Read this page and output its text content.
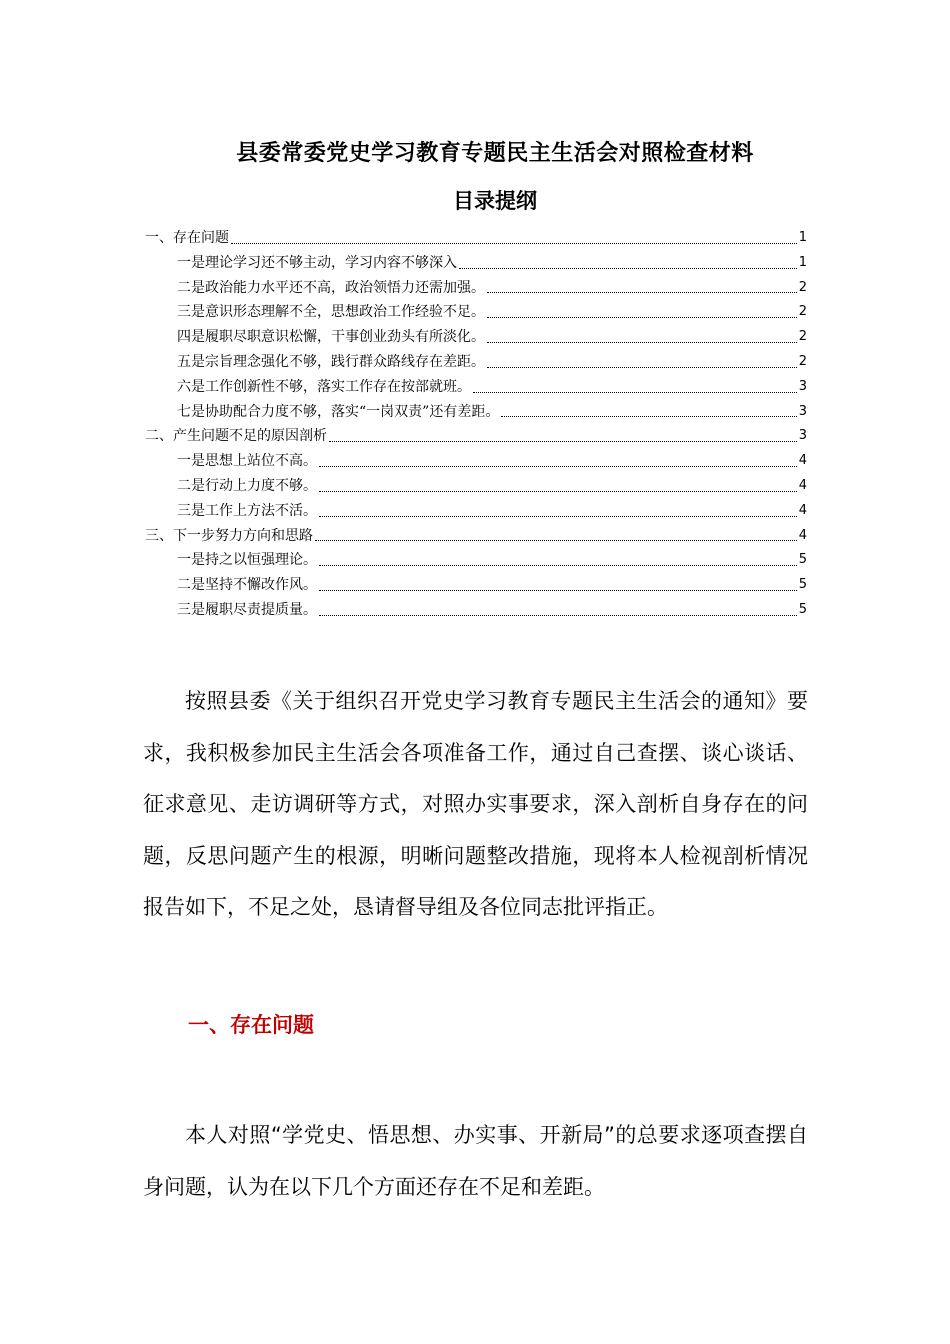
县委常委党史学习教育专题民主生活会对照检查材料
目录提纲
一、存在问题	1
一是理论学习还不够主动，学习内容不够深入	1
二是政治能力水平还不高，政治领悟力还需加强。	2
三是意识形态理解不全，思想政治工作经验不足。	2
四是履职尽职意识松懈，干事创业劲头有所淡化。	2
五是宗旨理念强化不够，践行群众路线存在差距。	2
六是工作创新性不够，落实工作存在按部就班。	3
七是协助配合力度不够，落实“一岗双责”还有差距。	3
二、产生问题不足的原因剖析	3
一是思想上站位不高。	4
二是行动上力度不够。	4
三是工作上方法不活。	4
三、下一步努力方向和思路	4
一是持之以恒强理论。	5
二是坚持不懈改作风。	5
三是履职尽责提质量。	5

按照县委《关于组织召开党史学习教育专题民主生活会的通知》要求，我积极参加民主生活会各项准备工作，通过自己查摆、谈心谈话、征求意见、走访调研等方式，对照办实事要求，深入剖析自身存在的问题，反思问题产生的根源，明晰问题整改措施，现将本人检视剖析情况报告如下，不足之处，恳请督导组及各位同志批评指正。

一、存在问题

本人对照“学党史、悟思想、办实事、开新局”的总要求逐项查摆自身问题，认为在以下几个方面还存在不足和差距。
